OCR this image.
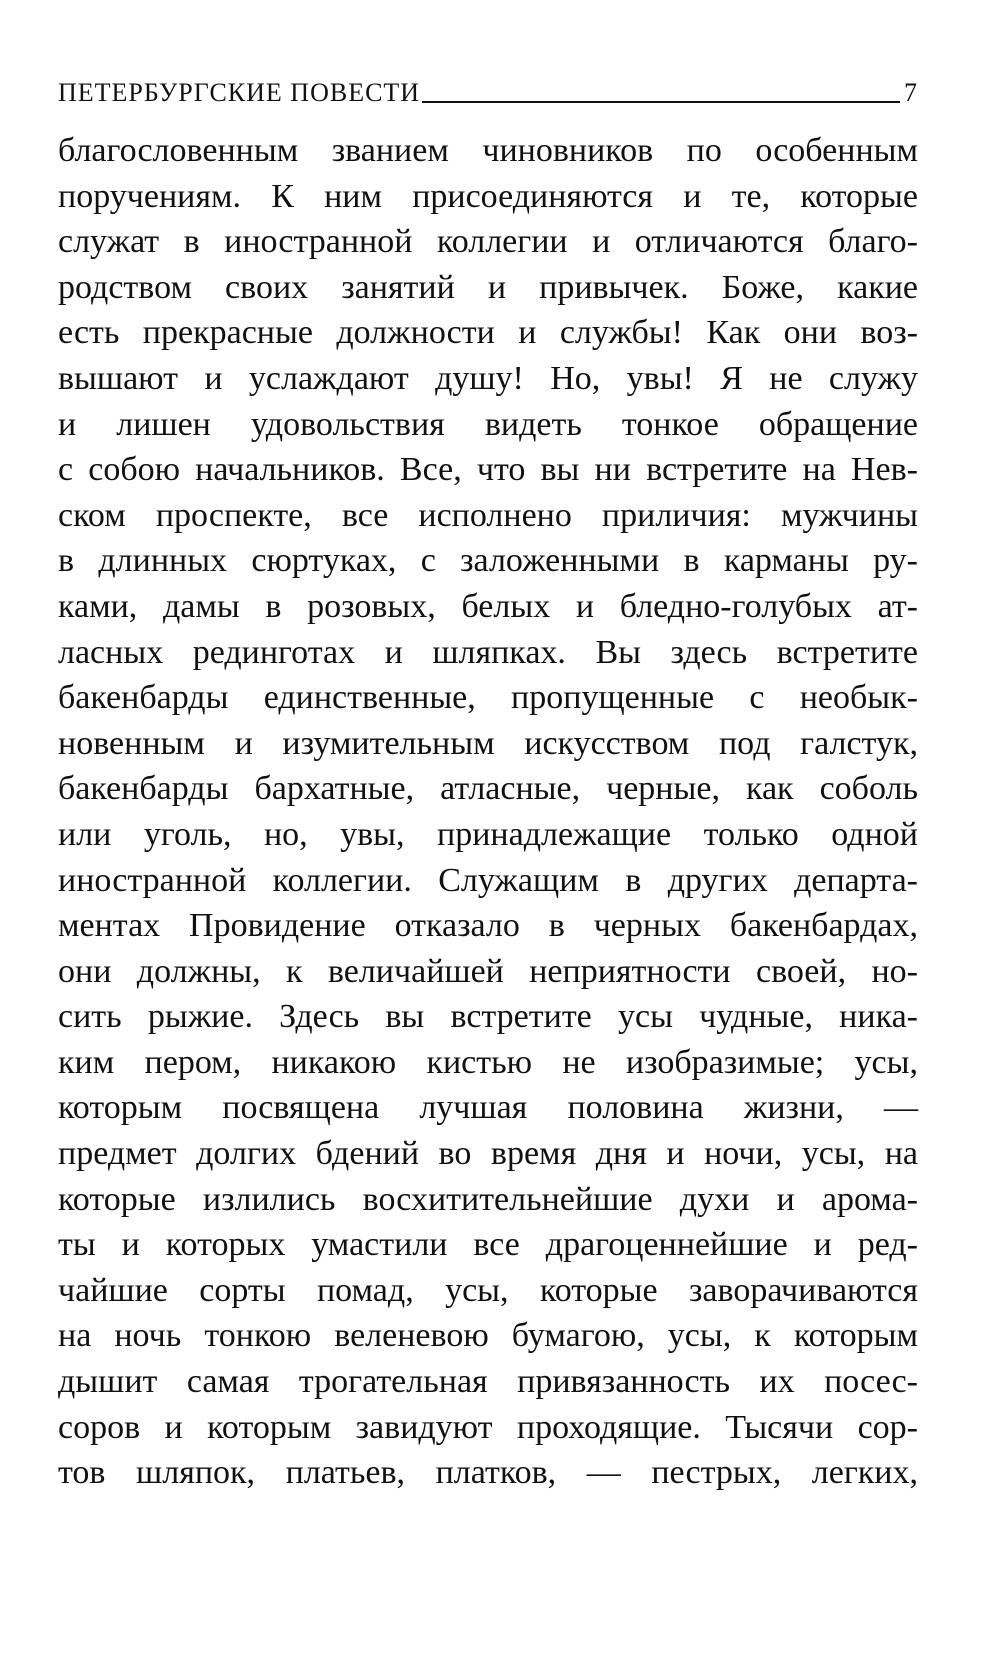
ПЕТЕРБУРГСКИЕ ПОВЕСТИ	7
благословенным званием чиновников по особенным
поручениям. К ним присоединяются и те, которые
служат в иностранной коллегии и отличаются благо-
родством своих занятий и привычек. Боже, какие
есть прекрасные должности и службы! Как они воз-
вышают и услаждают душу! Но, увы! Я не служу
и лишен удовольствия видеть тонкое обращение
с собою начальников. Все, что вы ни встретите на Нев-
ском проспекте, все исполнено приличия: мужчины
в длинных сюртуках, с заложенными в карманы ру-
ками, дамы в розовых, белых и бледно-голубых ат-
ласных рединготах и шляпках. Вы здесь встретите
бакенбарды единственные, пропущенные с необык-
новенным и изумительным искусством под галстук,
бакенбарды бархатные, атласные, черные, как соболь
или уголь, но, увы, принадлежащие только одной
иностранной коллегии. Служащим в других департа-
ментах Провидение отказало в черных бакенбардах,
они должны, к величайшей неприятности своей, но-
сить рыжие. Здесь вы встретите усы чудные, ника-
ким пером, никакою кистью не изобразимые; усы,
которым посвящена лучшая половина жизни, —
предмет долгих бдений во время дня и ночи, усы, на
которые излились восхитительнейшие духи и арома-
ты и которых умастили все драгоценнейшие и ред-
чайшие сорты помад, усы, которые заворачиваются
на ночь тонкою веленевою бумагою, усы, к которым
дышит самая трогательная привязанность их посес-
соров и которым завидуют проходящие. Тысячи сор-
тов шляпок, платьев, платков, — пестрых, легких,
